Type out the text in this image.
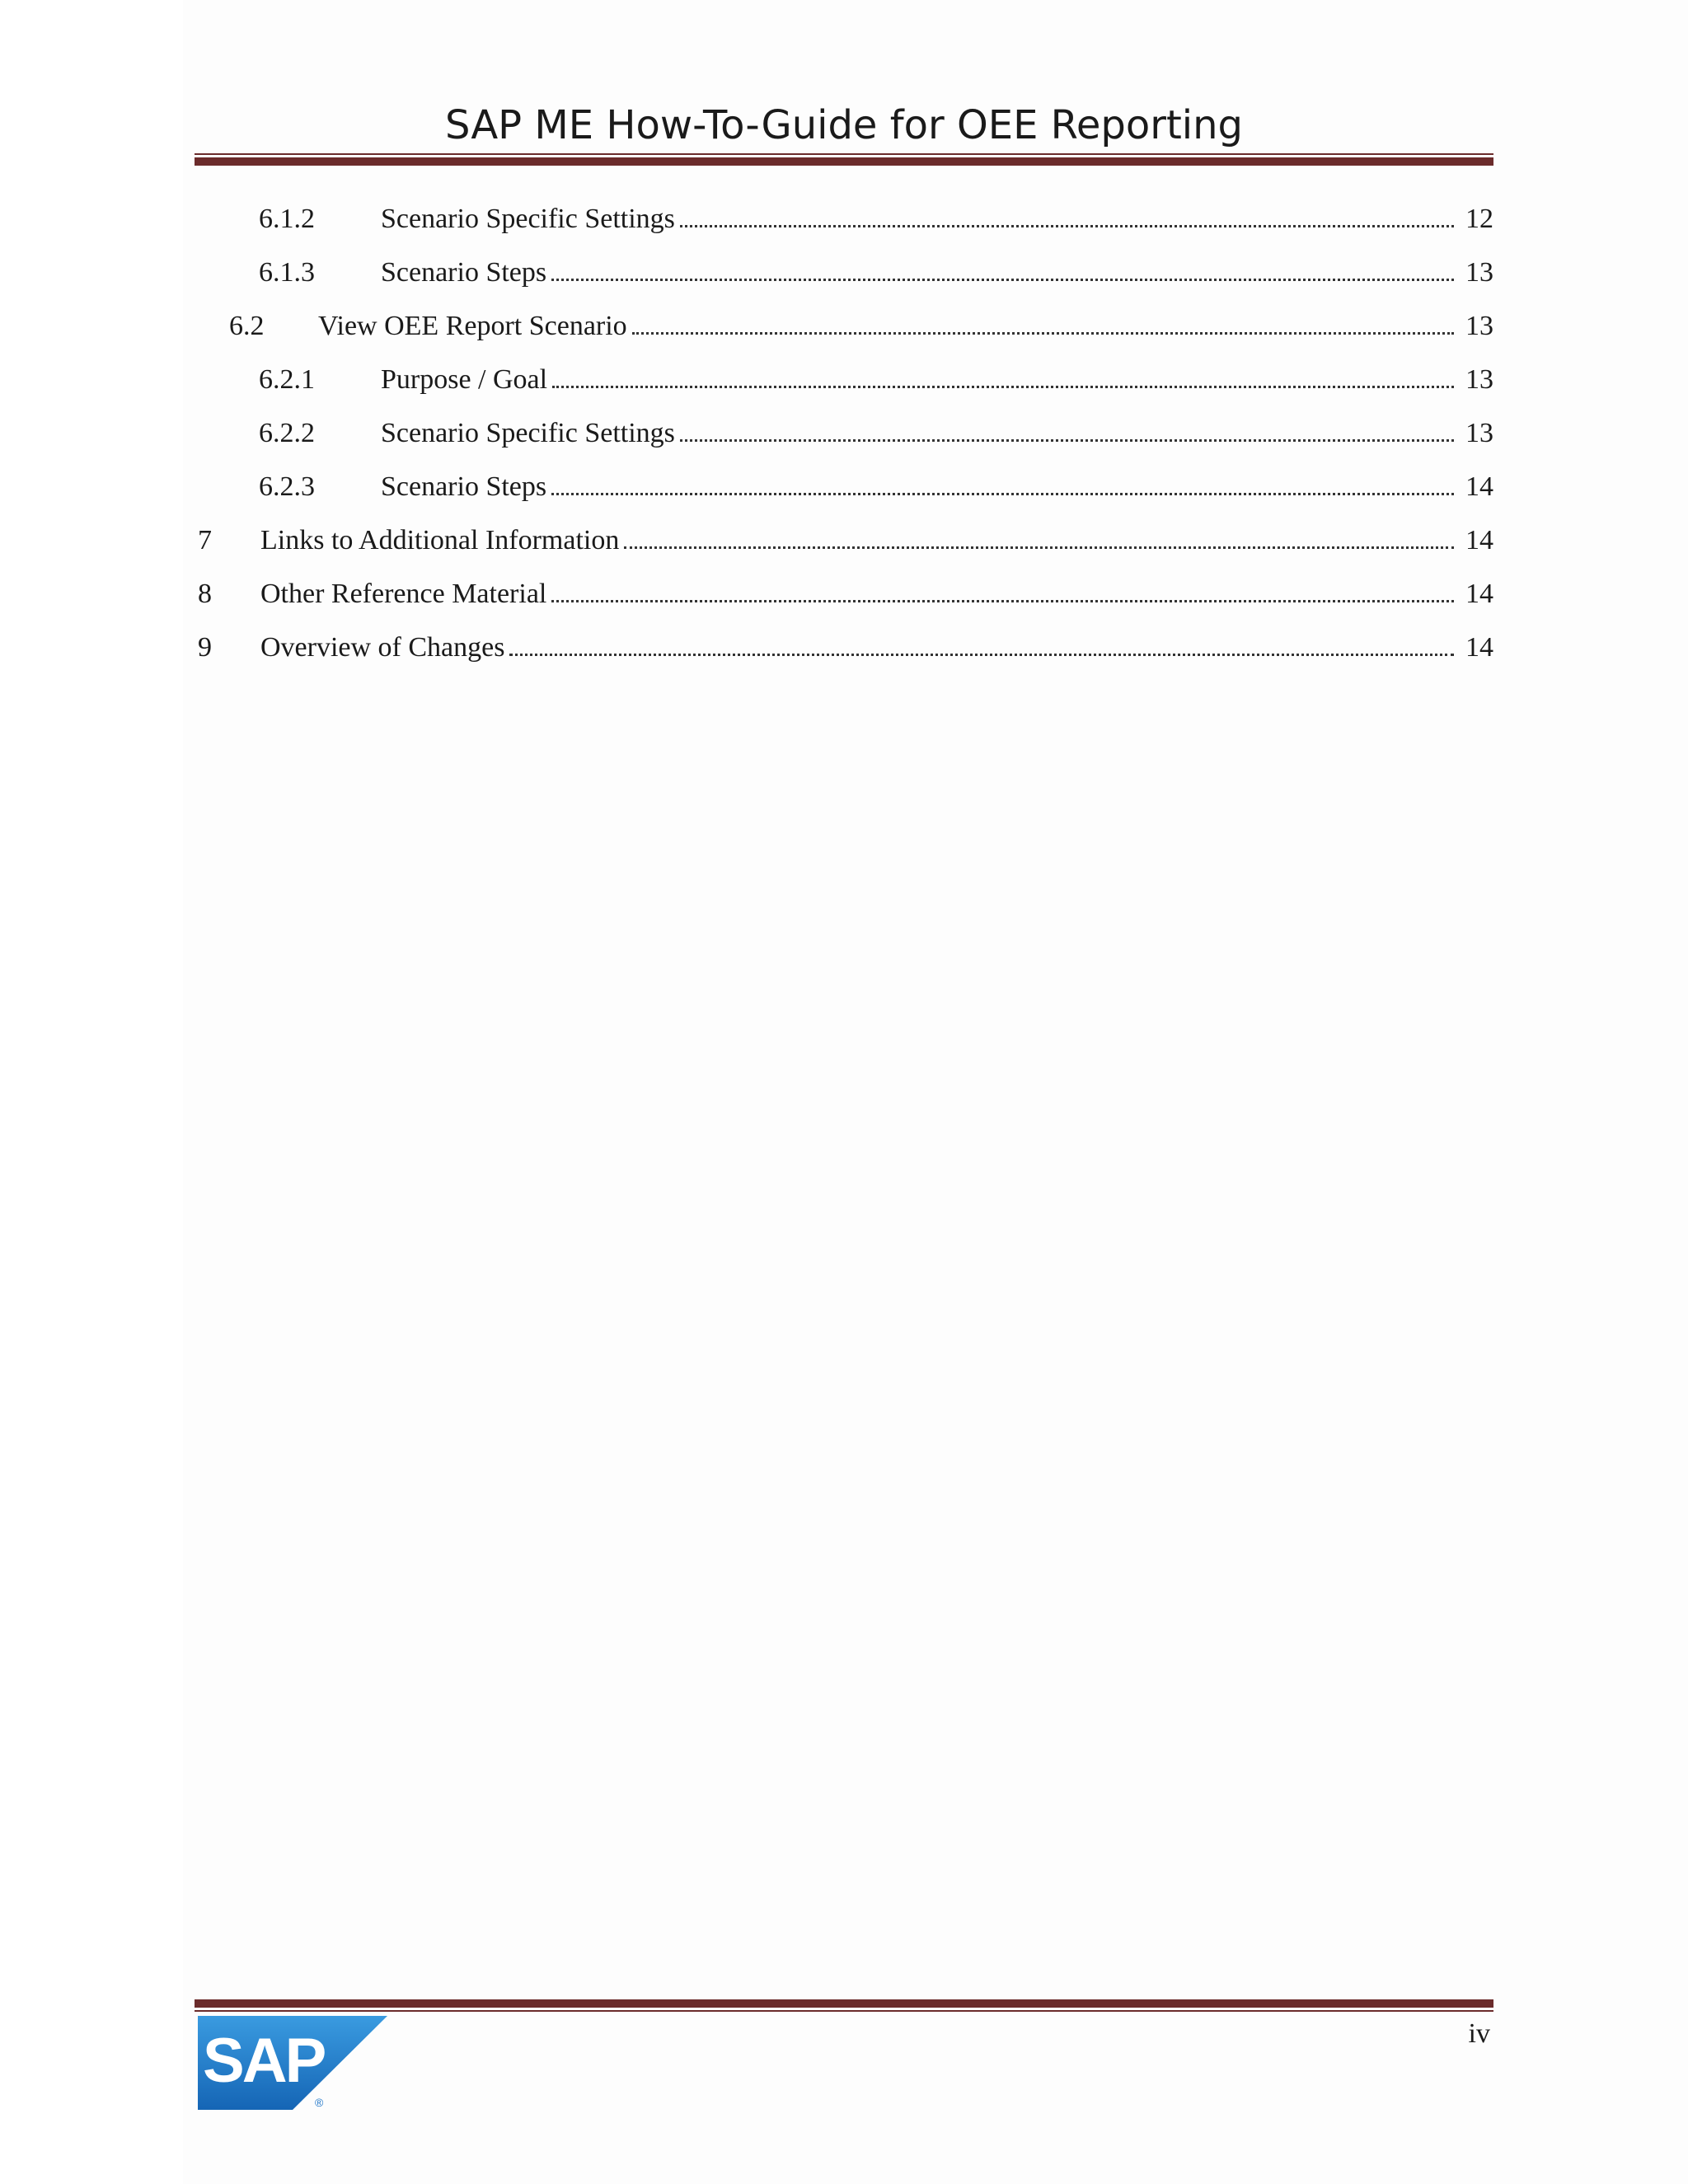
SAP ME How-To-Guide for OEE Reporting
6.1.2	Scenario Specific Settings	12
6.1.3	Scenario Steps	13
6.2	View OEE Report Scenario	13
6.2.1	Purpose / Goal	13
6.2.2	Scenario Specific Settings	13
6.2.3	Scenario Steps	14
7	Links to Additional Information	14
8	Other Reference Material	14
9	Overview of Changes	14
SAP
®
iv
